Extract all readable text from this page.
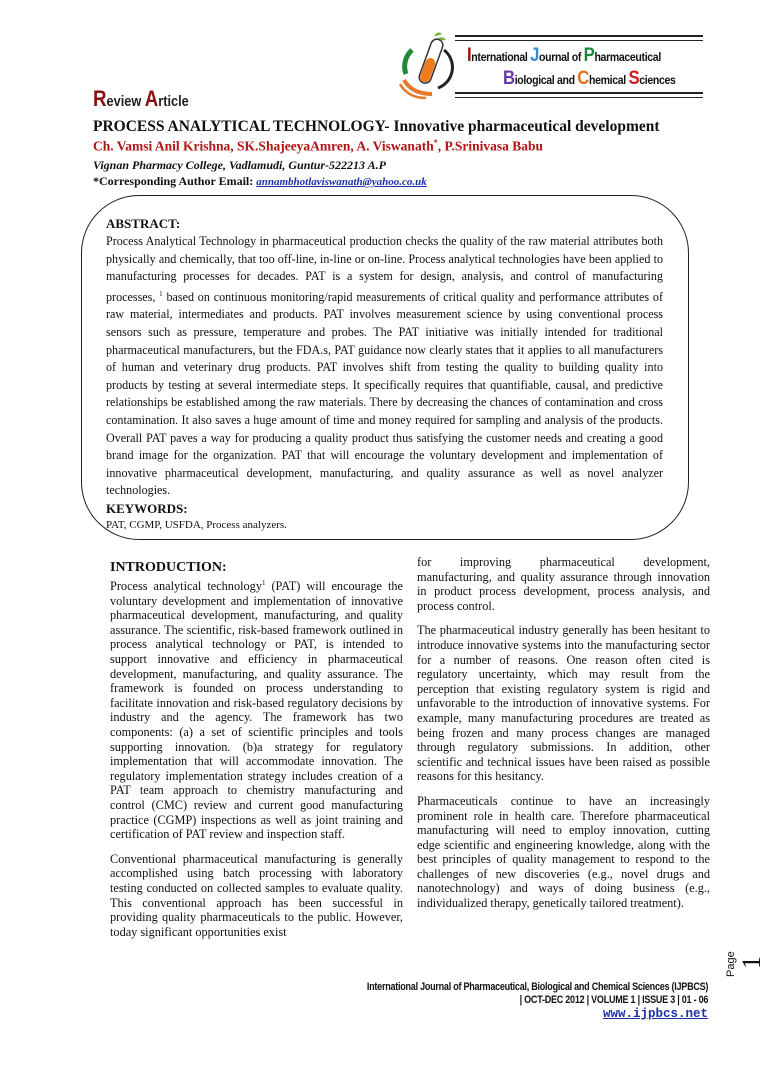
International Journal of Pharmaceutical
Biological and Chemical Sciences
Review Article
PROCESS ANALYTICAL TECHNOLOGY- Innovative pharmaceutical development
Ch. Vamsi Anil Krishna, SK.ShajeeyaAmren, A. Viswanath*, P.Srinivasa Babu
Vignan Pharmacy College, Vadlamudi, Guntur-522213 A.P
*Corresponding Author Email: annambhotlaviswanath@yahoo.co.uk
ABSTRACT:

Process Analytical Technology in pharmaceutical production checks the quality of the raw material attributes both physically and chemically, that too off-line, in-line or on-line. Process analytical technologies have been applied to manufacturing processes for decades. PAT is a system for design, analysis, and control of manufacturing processes, $^1$ based on continuous monitoring/rapid measurements of critical quality and performance attributes of raw material, intermediates and products. PAT involves measurement science by using conventional process sensors such as pressure, temperature and probes. The PAT initiative was initially intended for traditional pharmaceutical manufacturers, but the FDA.s, PAT guidance now clearly states that it applies to all manufacturers of human and veterinary drug products. PAT involves shift from testing the quality to building quality into products by testing at several intermediate steps. It specifically requires that quantifiable, causal, and predictive relationships be established among the raw materials. There by decreasing the chances of contamination and cross contamination. It also saves a huge amount of time and money required for sampling and analysis of the products. Overall PAT paves a way for producing a quality product thus satisfying the customer needs and creating a good brand image for the organization. PAT that will encourage the voluntary development and implementation of innovative pharmaceutical development, manufacturing, and quality assurance as well as novel analyzer technologies.

KEYWORDS:

PAT, CGMP, USFDA, Process analyzers.

INTRODUCTION:

Process analytical technology$^1$ (PAT) will encourage the voluntary development and implementation of innovative pharmaceutical development, manufacturing, and quality assurance. The scientific, risk-based framework outlined in process analytical technology or PAT, is intended to support innovative and efficiency in pharmaceutical development, manufacturing, and quality assurance. The framework is founded on process understanding to facilitate innovation and risk-based regulatory decisions by industry and the agency. The framework has two components: (a) a set of scientific principles and tools supporting innovation. (b)a strategy for regulatory implementation that will accommodate innovation. The regulatory implementation strategy includes creation of a PAT team approach to chemistry manufacturing and control (CMC) review and current good manufacturing practice (CGMP) inspections as well as joint training and certification of PAT review and inspection staff.

Conventional pharmaceutical manufacturing is generally accomplished using batch processing with laboratory testing conducted on collected samples to evaluate quality. This conventional approach has been successful in providing quality pharmaceuticals to the public. However, today significant opportunities exist

for improving pharmaceutical development, manufacturing, and quality assurance through innovation in product process development, process analysis, and process control.

The pharmaceutical industry generally has been hesitant to introduce innovative systems into the manufacturing sector for a number of reasons. One reason often cited is regulatory uncertainty, which may result from the perception that existing regulatory system is rigid and unfavorable to the introduction of innovative systems. For example, many manufacturing procedures are treated as being frozen and many process changes are managed through regulatory submissions. In addition, other scientific and technical issues have been raised as possible reasons for this hesitancy.

Pharmaceuticals continue to have an increasingly prominent role in health care. Therefore pharmaceutical manufacturing will need to employ innovation, cutting edge scientific and engineering knowledge, along with the best principles of quality management to respond to the challenges of new discoveries (e.g., novel drugs and nanotechnology) and ways of doing business (e.g., individualized therapy, genetically tailored treatment).

Page 1
International Journal of Pharmaceutical, Biological and Chemical Sciences (IJPBCS)
| OCT-DEC 2012 | VOLUME 1 | ISSUE 3 | 01 - 06
www.ijpbcs.net
